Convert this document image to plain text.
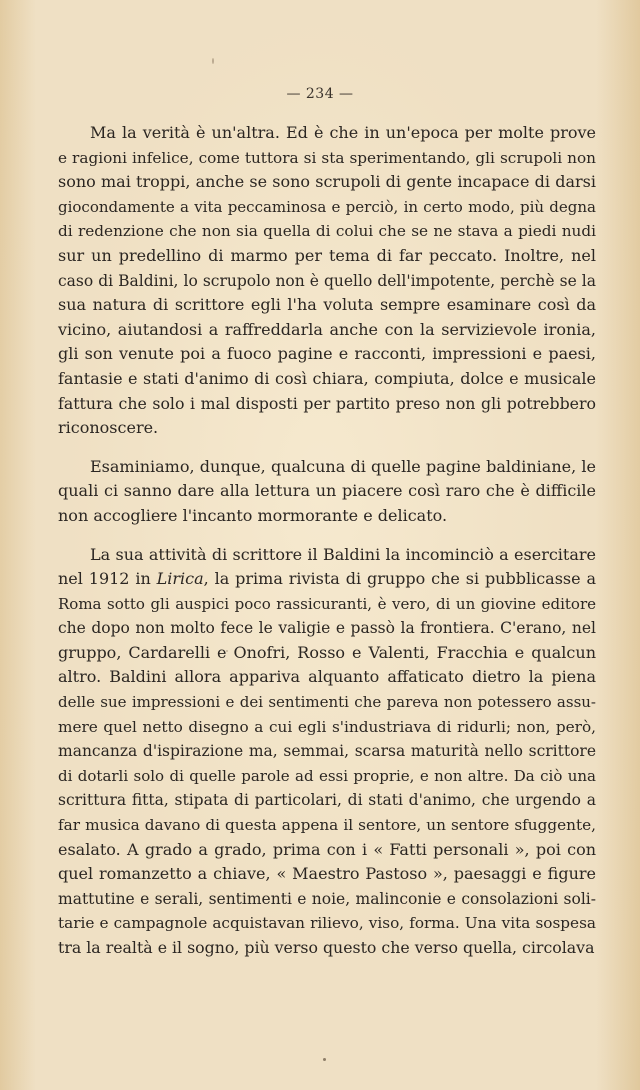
— 234 —
Ma la verità è un'altra. Ed è che in un'epoca per molte prove
e ragioni infelice, come tuttora si sta sperimentando, gli scrupoli non
sono mai troppi, anche se sono scrupoli di gente incapace di darsi
giocondamente a vita peccaminosa e perciò, in certo modo, più degna
di redenzione che non sia quella di colui che se ne stava a piedi nudi
sur un predellino di marmo per tema di far peccato. Inoltre, nel
caso di Baldini, lo scrupolo non è quello dell'impotente, perchè se la
sua natura di scrittore egli l'ha voluta sempre esaminare così da
vicino, aiutandosi a raffreddarla anche con la servizievole ironia,
gli son venute poi a fuoco pagine e racconti, impressioni e paesi,
fantasie e stati d'animo di così chiara, compiuta, dolce e musicale
fattura che solo i mal disposti per partito preso non gli potrebbero
riconoscere.
Esaminiamo, dunque, qualcuna di quelle pagine baldiniane, le
quali ci sanno dare alla lettura un piacere così raro che è difficile
non accogliere l'incanto mormorante e delicato.
La sua attività di scrittore il Baldini la incominciò a esercitare
nel 1912 in Lirica, la prima rivista di gruppo che si pubblicasse a
Roma sotto gli auspici poco rassicuranti, è vero, di un giovine editore
che dopo non molto fece le valigie e passò la frontiera. C'erano, nel
gruppo, Cardarelli e Onofri, Rosso e Valenti, Fracchia e qualcun
altro. Baldini allora appariva alquanto affaticato dietro la piena
delle sue impressioni e dei sentimenti che pareva non potessero assu-
mere quel netto disegno a cui egli s'industriava di ridurli; non, però,
mancanza d'ispirazione ma, semmai, scarsa maturità nello scrittore
di dotarli solo di quelle parole ad essi proprie, e non altre. Da ciò una
scrittura fitta, stipata di particolari, di stati d'animo, che urgendo a
far musica davano di questa appena il sentore, un sentore sfuggente,
esalato. A grado a grado, prima con i « Fatti personali », poi con
quel romanzetto a chiave, « Maestro Pastoso », paesaggi e figure
mattutine e serali, sentimenti e noie, malinconie e consolazioni soli-
tarie e campagnole acquistavan rilievo, viso, forma. Una vita sospesa
tra la realtà e il sogno, più verso questo che verso quella, circolava
